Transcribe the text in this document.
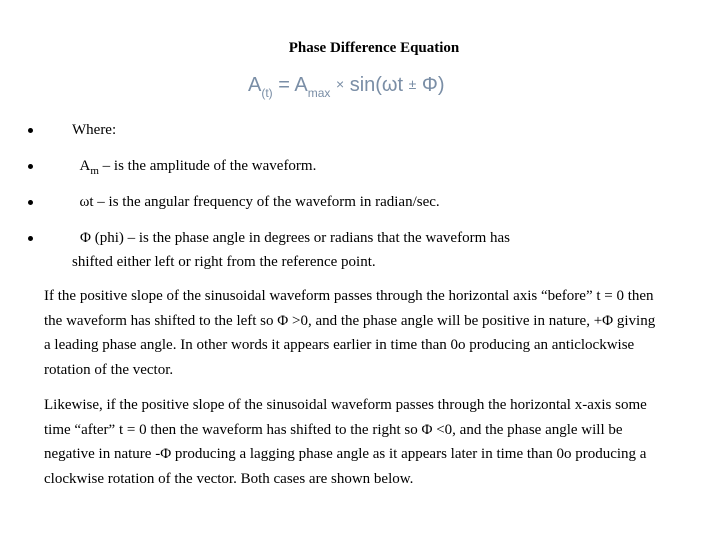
Phase Difference Equation
$A_{(t)} = A_{max} \times \sin(\omega t \pm \Phi)$
Where:
$A_m$ – is the amplitude of the waveform.
ωt – is the angular frequency of the waveform in radian/sec.
Φ (phi) – is the phase angle in degrees or radians that the waveform has
shifted either left or right from the reference point.
If the positive slope of the sinusoidal waveform passes through the horizontal axis “before” t = 0 then the waveform has shifted to the left so Φ >0, and the phase angle will be positive in nature, +Φ giving a leading phase angle. In other words it appears earlier in time than 0o producing an anticlockwise rotation of the vector.
Likewise, if the positive slope of the sinusoidal waveform passes through the horizontal x-axis some time “after” t = 0 then the waveform has shifted to the right so Φ <0, and the phase angle will be negative in nature -Φ producing a lagging phase angle as it appears later in time than 0o producing a clockwise rotation of the vector. Both cases are shown below.
